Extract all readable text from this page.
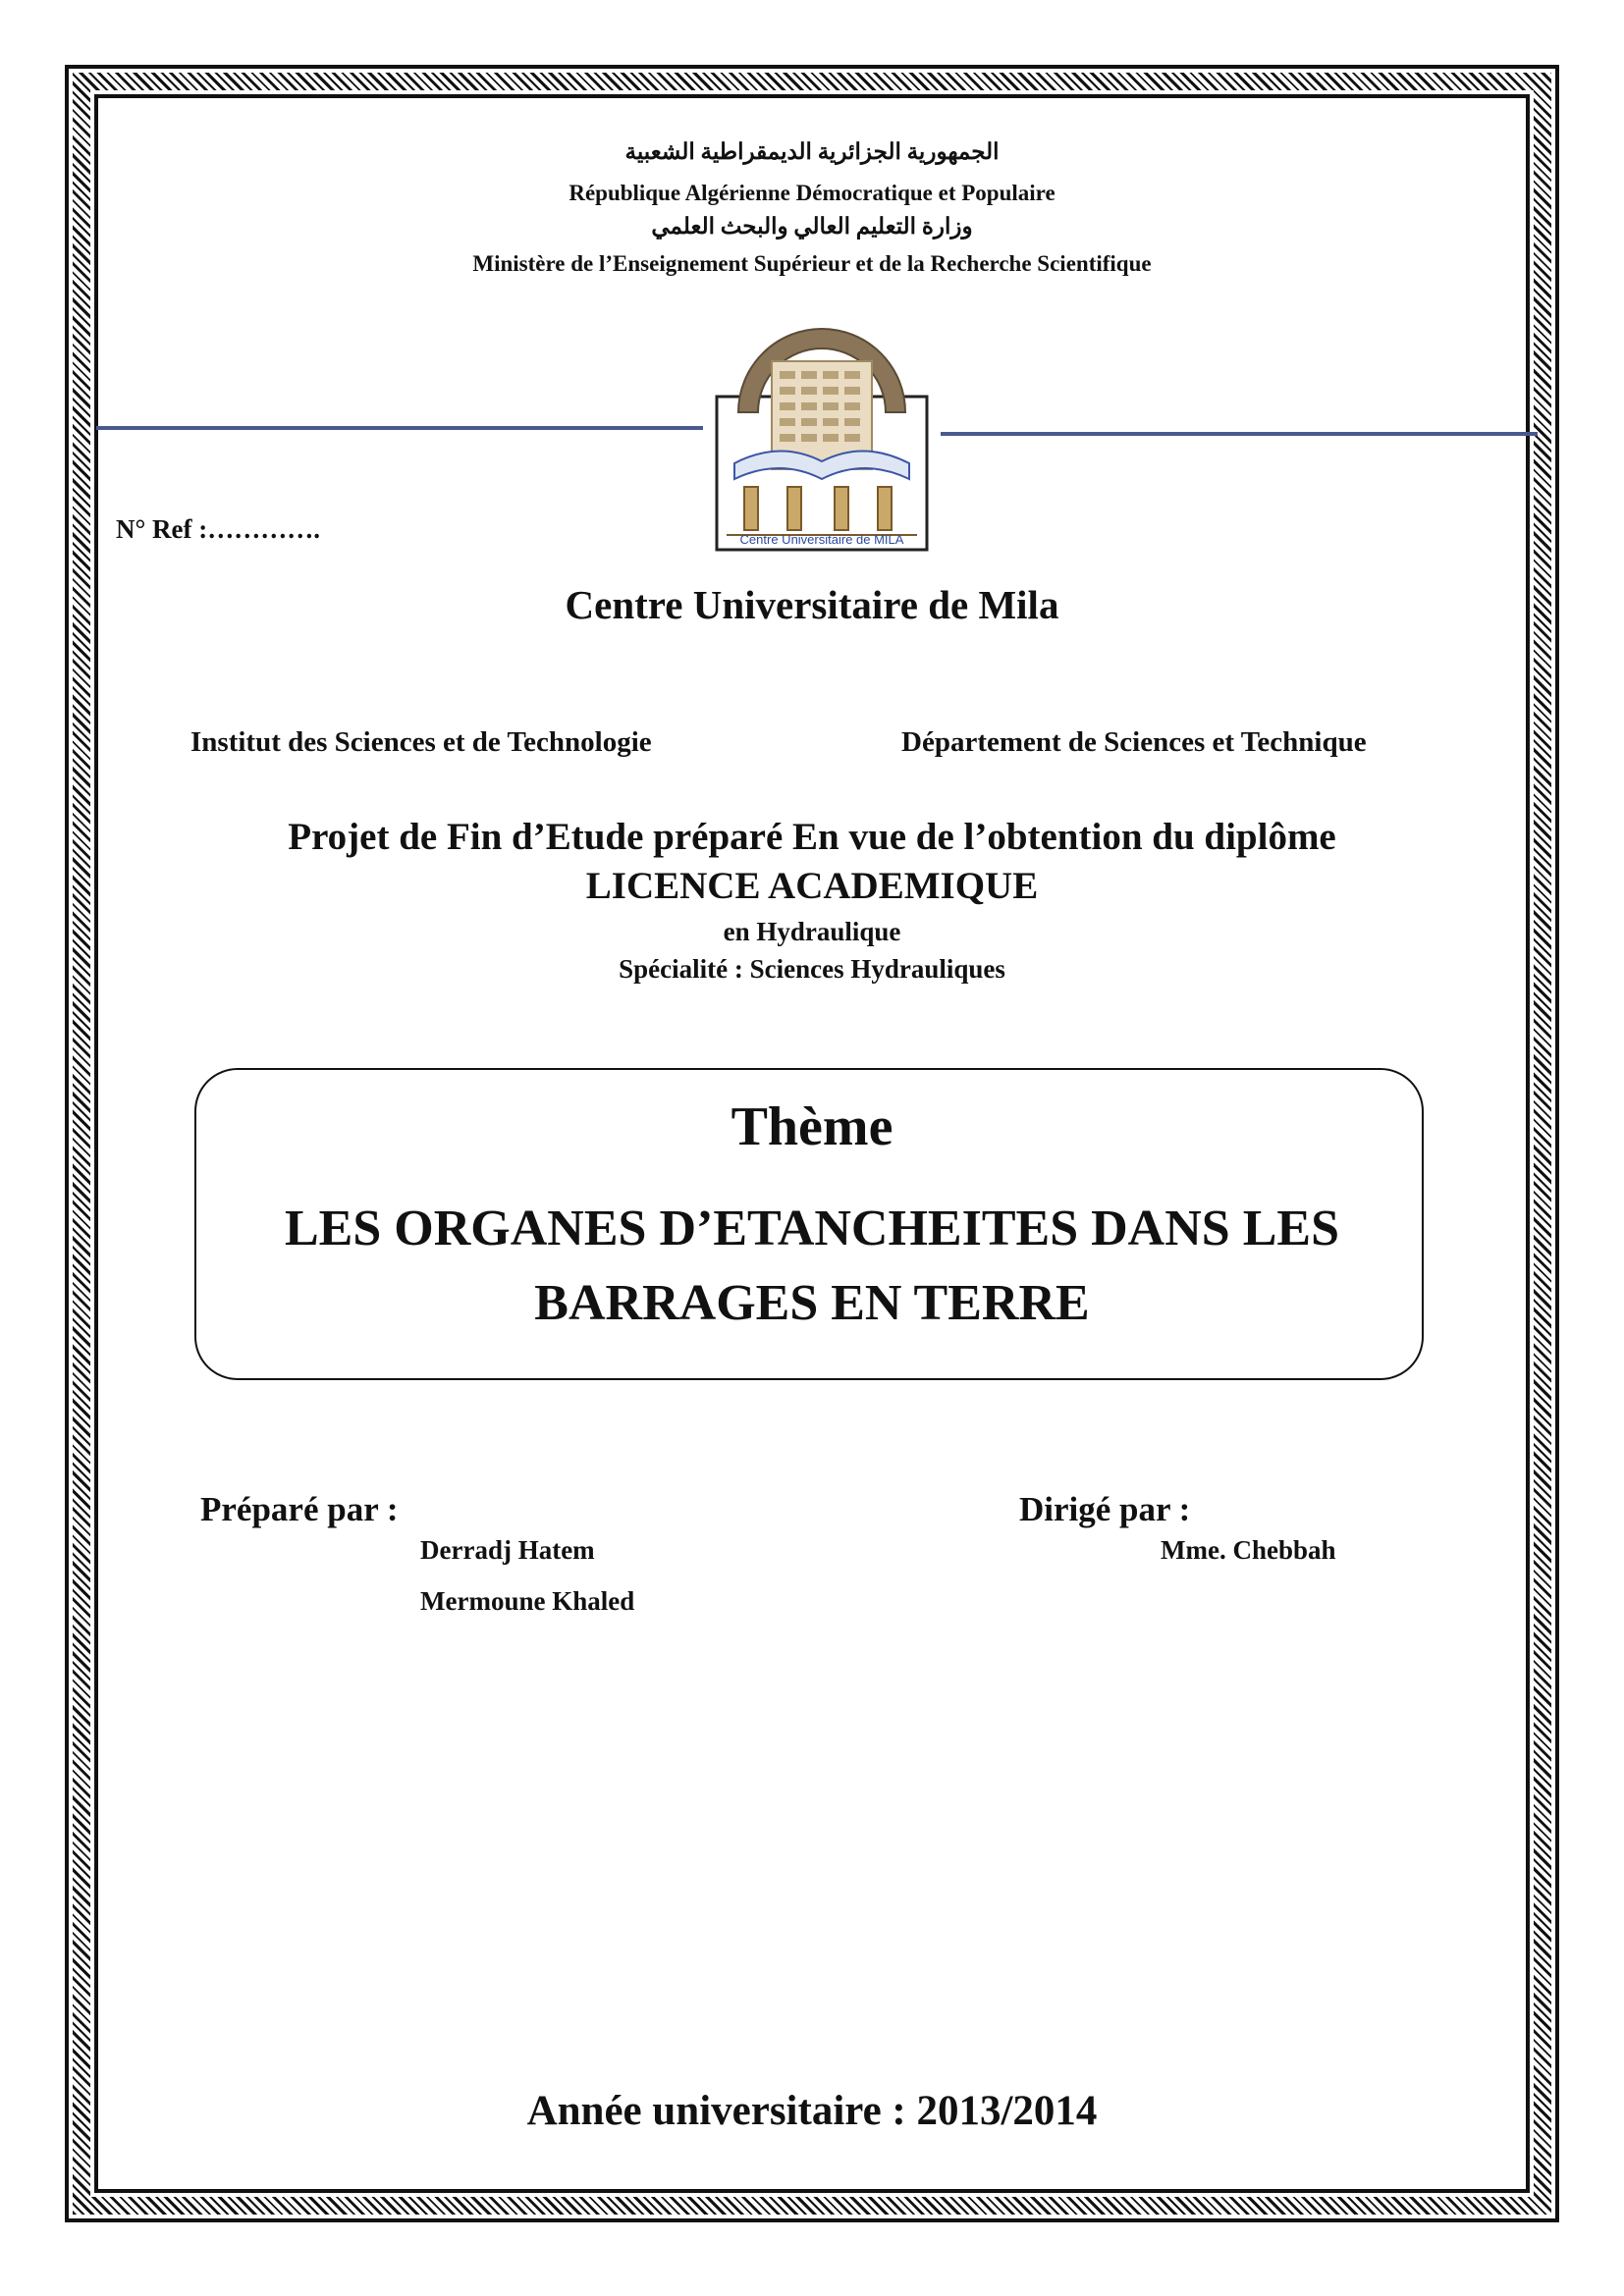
الجمهورية الجزائرية الديمقراطية الشعبية
République Algérienne Démocratique et Populaire
وزارة التعليم العالي والبحث العلمي
Ministère de l’Enseignement Supérieur et de la Recherche Scientifique
Centre Universitaire de MILA
N° Ref :………….
Centre Universitaire de Mila
Institut des Sciences et de Technologie	Département de Sciences et Technique
Projet de Fin d’Etude préparé En vue de l’obtention du diplôme
LICENCE ACADEMIQUE
en Hydraulique
Spécialité : Sciences Hydrauliques
Thème
LES ORGANES D’ETANCHEITES DANS LES
BARRAGES EN TERRE
Préparé par :
Derradj Hatem
Mermoune Khaled
Dirigé par :
Mme. Chebbah
Année universitaire : 2013/2014
